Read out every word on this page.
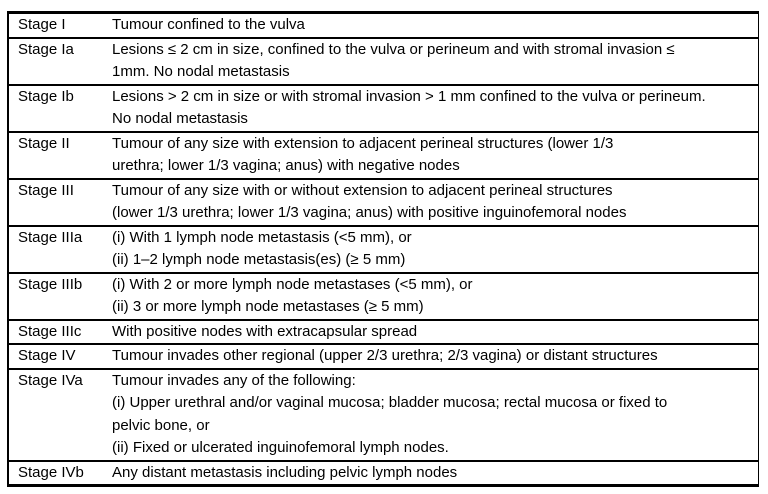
Stage I	Tumour confined to the vulva
Stage Ia	Lesions ≤ 2 cm in size, confined to the vulva or perineum and with stromal invasion ≤
1mm. No nodal metastasis
Stage Ib	Lesions > 2 cm in size or with stromal invasion > 1 mm confined to the vulva or perineum.
No nodal metastasis
Stage II	Tumour of any size with extension to adjacent perineal structures (lower 1/3
urethra; lower 1/3 vagina; anus) with negative nodes
Stage III	Tumour of any size with or without extension to adjacent perineal structures
(lower 1/3 urethra; lower 1/3 vagina; anus) with positive inguinofemoral nodes
Stage IIIa	(i) With 1 lymph node metastasis (<5 mm), or
(ii) 1–2 lymph node metastasis(es) (≥ 5 mm)
Stage IIIb	(i) With 2 or more lymph node metastases (<5 mm), or
(ii) 3 or more lymph node metastases (≥ 5 mm)
Stage IIIc	With positive nodes with extracapsular spread
Stage IV	Tumour invades other regional (upper 2/3 urethra; 2/3 vagina) or distant structures
Stage IVa	Tumour invades any of the following:
(i) Upper urethral and/or vaginal mucosa; bladder mucosa; rectal mucosa or fixed to
pelvic bone, or
(ii) Fixed or ulcerated inguinofemoral lymph nodes.
Stage IVb	Any distant metastasis including pelvic lymph nodes
